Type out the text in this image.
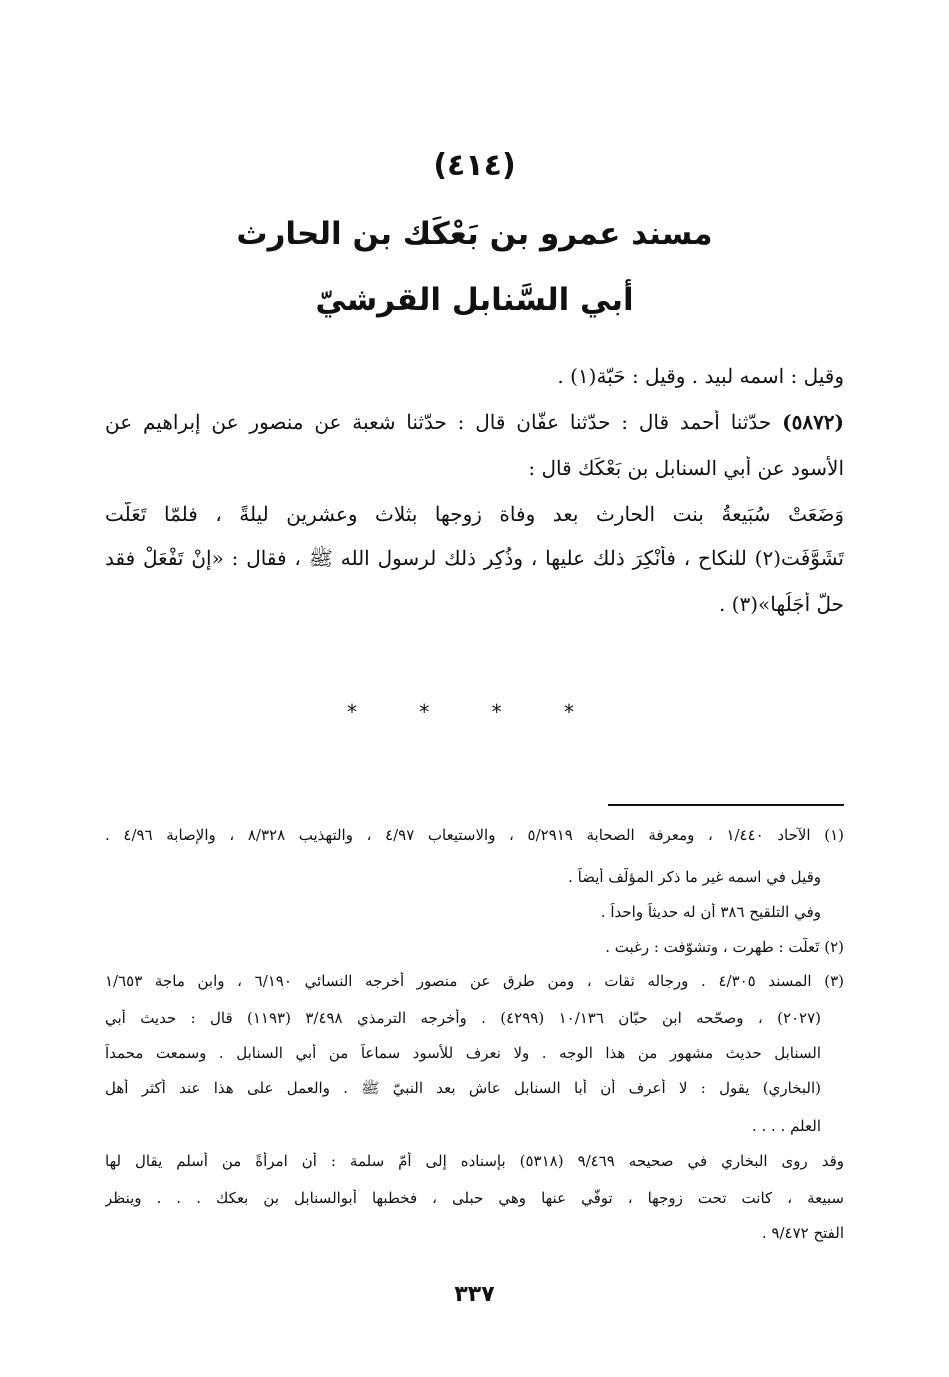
(٤١٤)
مسند عمرو بن بَعْكَك بن الحارث
أبي السَّنابل القرشيّ
وقيل : اسمه لبيد . وقيل : حَبّة(١) .
(٥٨٧٢) حدّثنا أحمد قال : حدّثنا عفّان قال : حدّثنا شعبة عن منصور عن إبراهيم عن
الأسود عن أبي السنابل بن بَعْكَك قال :
وَضَعَتْ سُبَيعةُ بنت الحارث بعد وفاة زوجها بثلاث وعشرين ليلةً ، فلمّا تَعَلَّت
تَشَوَّفَت(٢) للنكاح ، فأُنْكِرَ ذلك عليها ، وذُكِر ذلك لرسول الله ﷺ ، فقال : «إنْ تَفْعَلْ فقد
حلَّ أجَلُها»(٣) .
* * * *
(١) الآحاد ١/٤٤٠ ، ومعرفة الصحابة ٥/٢٩١٩ ، والاستيعاب ٤/٩٧ ، والتهذيب ٨/٣٢٨ ، والإصابة ٤/٩٦ .
وقيل في اسمه غير ما ذكر المؤلّف أيضاً .
وفي التلقيح ٣٨٦ أن له حديثاً واحداً .
(٢) تَعلّت : طهرت ، وتشوّفت : رغبت .
(٣) المسند ٤/٣٠٥ . ورجاله ثقات ، ومن طرق عن منصور أخرجه النسائي ٦/١٩٠ ، وابن ماجة ١/٦٥٣
(٢٠٢٧) ، وصحّحه ابن حبّان ١٠/١٣٦ (٤٢٩٩) . وأخرجه الترمذي ٣/٤٩٨ (١١٩٣) قال : حديث أبي
السنابل حديث مشهور من هذا الوجه . ولا نعرف للأسود سماعاً من أبي السنابل . وسمعت محمداً
(البخاري) يقول : لا أعرف أن أبا السنابل عاش بعد النبيّ ﷺ . والعمل على هذا عند أكثر أهل
العلم . . . .
وقد روى البخاري في صحيحه ٩/٤٦٩ (٥٣١٨) بإسناده إلى أمّ سلمة : أن امرأةً من أسلم يقال لها
سبيعة ، كانت تحت زوجها ، توفّي عنها وهي حبلى ، فخطبها أبوالسنابل بن بعكك . . . وينظر
الفتح ٩/٤٧٢ .
٣٣٧
